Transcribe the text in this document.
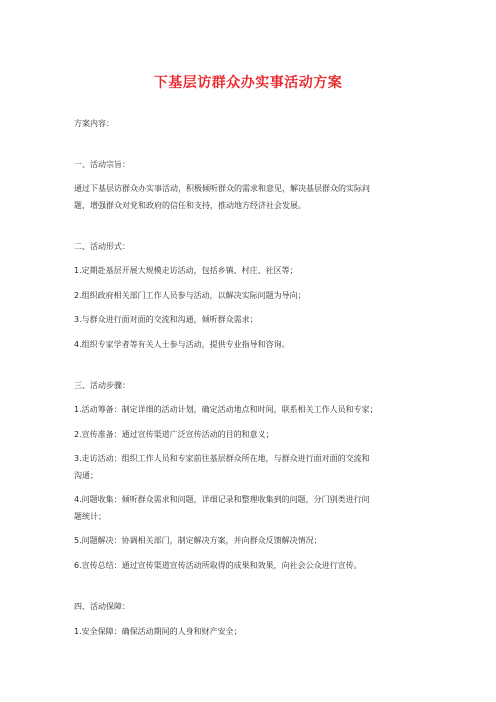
下基层访群众办实事活动方案
方案内容：
一、活动宗旨：
通过下基层访群众办实事活动，积极倾听群众的需求和意见，解决基层群众的实际问
题，增强群众对党和政府的信任和支持，推动地方经济社会发展。
二、活动形式：
1.定期赴基层开展大规模走访活动，包括乡镇、村庄、社区等；
2.组织政府相关部门工作人员参与活动，以解决实际问题为导向；
3.与群众进行面对面的交流和沟通，倾听群众需求；
4.组织专家学者等有关人士参与活动，提供专业指导和咨询。
三、活动步骤：
1.活动筹备：制定详细的活动计划，确定活动地点和时间，联系相关工作人员和专家；
2.宣传准备：通过宣传渠道广泛宣传活动的目的和意义；
3.走访活动：组织工作人员和专家前往基层群众所在地，与群众进行面对面的交流和
沟通；
4.问题收集：倾听群众需求和问题，详细记录和整理收集到的问题，分门别类进行问
题统计；
5.问题解决：协调相关部门，制定解决方案，并向群众反馈解决情况；
6.宣传总结：通过宣传渠道宣传活动所取得的成果和效果，向社会公众进行宣传。
四、活动保障：
1.安全保障：确保活动期间的人身和财产安全；
